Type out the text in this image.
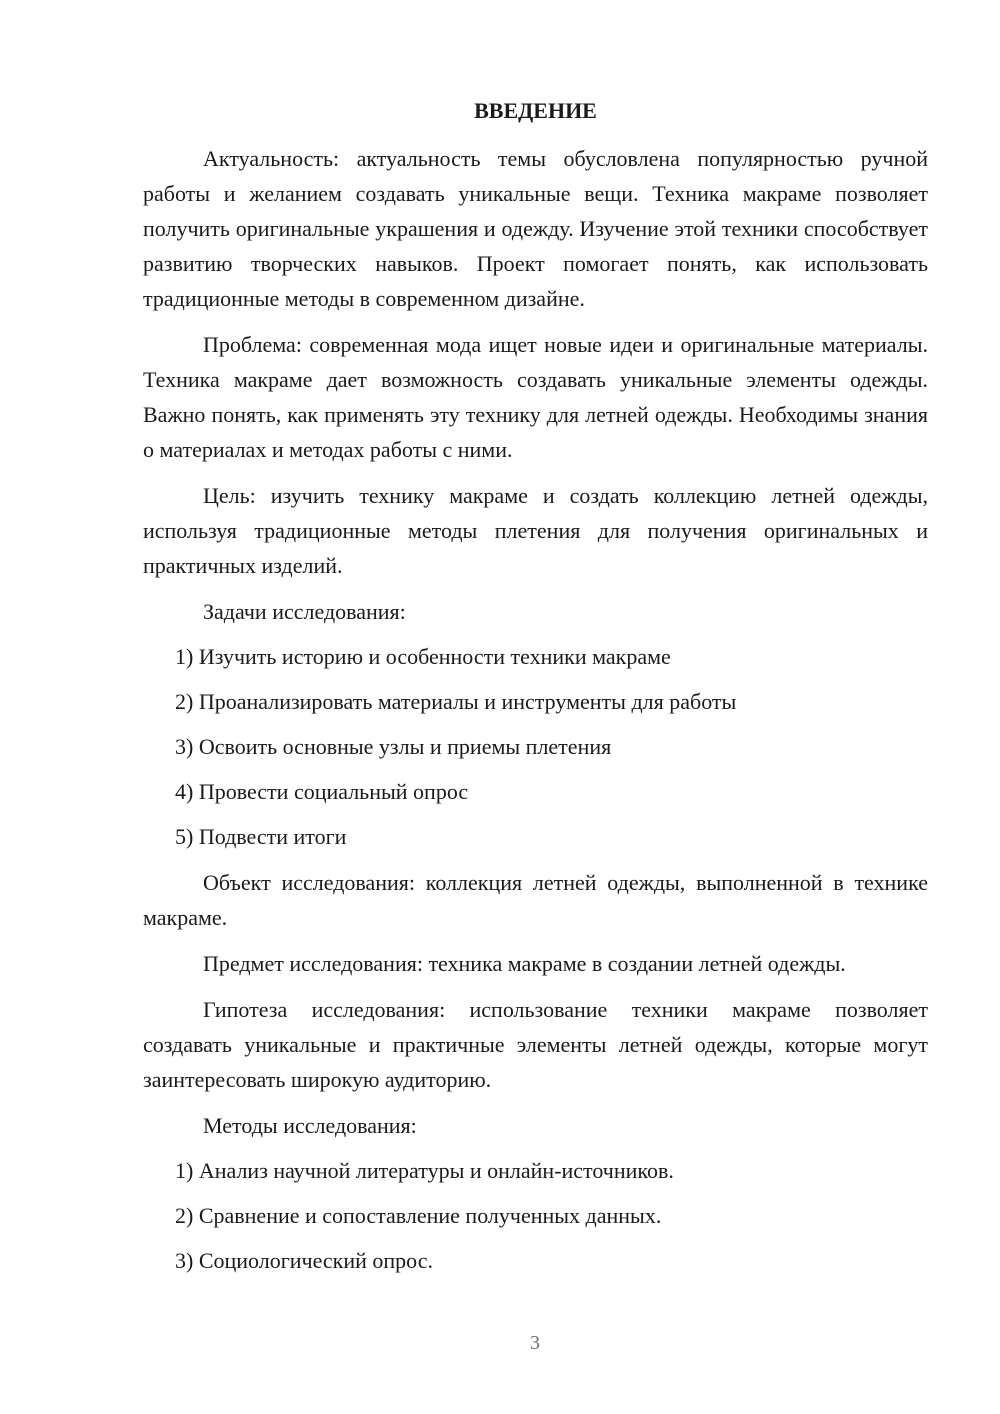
ВВЕДЕНИЕ

Актуальность: актуальность темы обусловлена популярностью ручной работы и желанием создавать уникальные вещи. Техника макраме позволяет получить оригинальные украшения и одежду. Изучение этой техники способствует развитию творческих навыков. Проект помогает понять, как использовать традиционные методы в современном дизайне.

Проблема: современная мода ищет новые идеи и оригинальные материалы. Техника макраме дает возможность создавать уникальные элементы одежды. Важно понять, как применять эту технику для летней одежды. Необходимы знания о материалах и методах работы с ними.

Цель: изучить технику макраме и создать коллекцию летней одежды, используя традиционные методы плетения для получения оригинальных и практичных изделий.

Задачи исследования:

1) Изучить историю и особенности техники макраме
2) Проанализировать материалы и инструменты для работы
3) Освоить основные узлы и приемы плетения
4) Провести социальный опрос
5) Подвести итоги

Объект исследования: коллекция летней одежды, выполненной в технике макраме.

Предмет исследования: техника макраме в создании летней одежды.

Гипотеза исследования: использование техники макраме позволяет создавать уникальные и практичные элементы летней одежды, которые могут заинтересовать широкую аудиторию.

Методы исследования:

1) Анализ научной литературы и онлайн-источников.
2) Сравнение и сопоставление полученных данных.
3) Социологический опрос.
3
